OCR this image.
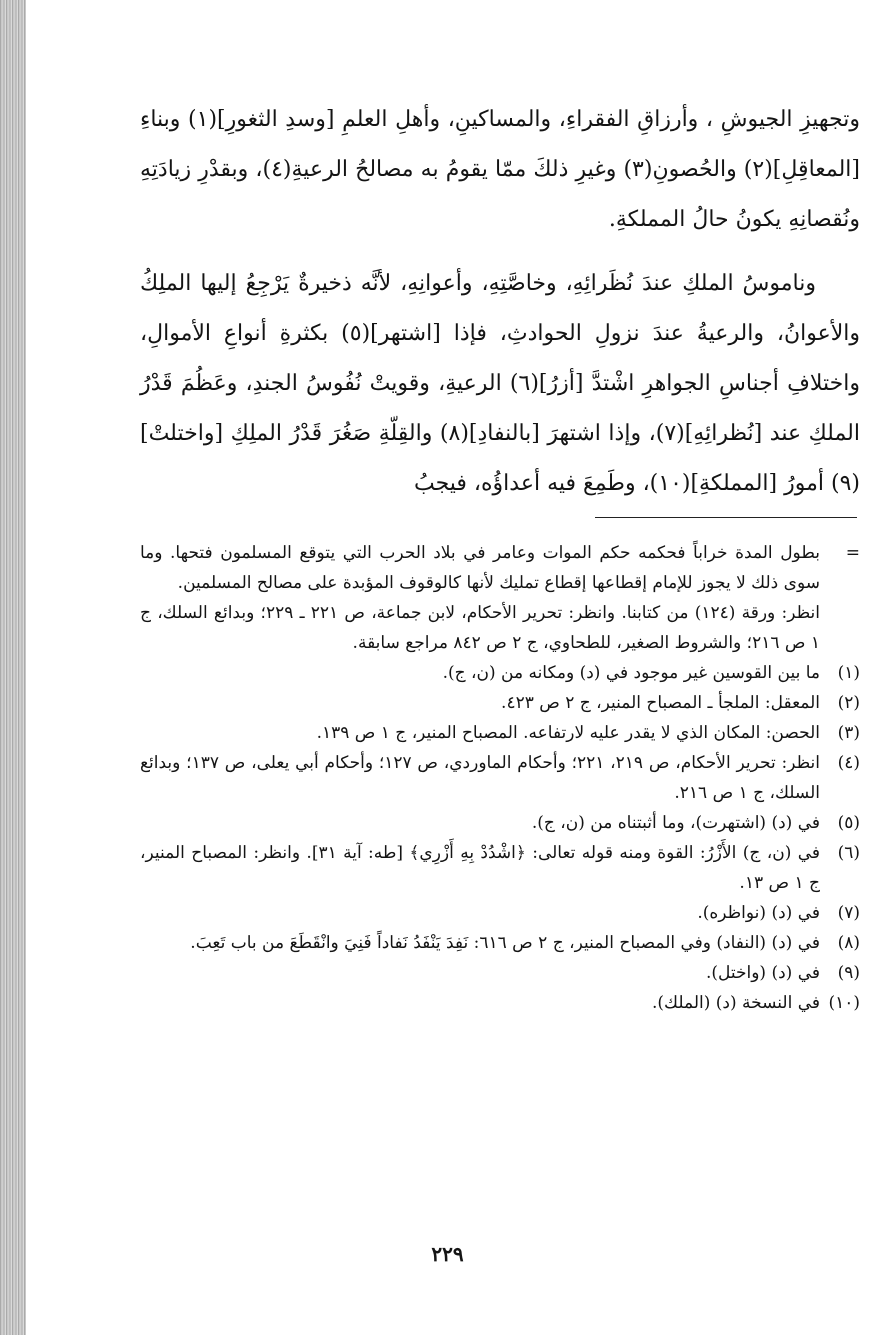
وتجهيزِ الجيوشِ ، وأرزاقِ الفقراءِ، والمساكينِ، وأهلِ العلمِ [وسدِ الثغورِ](١) وبناءِ [المعاقِلِ](٢) والحُصونِ(٣) وغيرِ ذلكَ ممّا يقومُ به مصالحُ الرعيةِ(٤)، وبقدْرِ زيادَتِهِ ونُقصانِهِ يكونُ حالُ المملكةِ.

وناموسُ الملكِ عندَ نُظَرائِهِ، وخاصَّتِهِ، وأعوانِهِ، لأنَّه ذخيرةٌ يَرْجِعُ إليها الملِكُ والأعوانُ، والرعيةُ عندَ نزولِ الحوادثِ، فإذا [اشتهر](٥) بكثرةِ أنواعِ الأموالِ، واختلافِ أجناسِ الجواهرِ اشْتدَّ [أزرُ](٦) الرعيةِ، وقويتْ نُفُوسُ الجندِ، وعَظُمَ قَدْرُ الملكِ عند [نُظرائِهِ](٧)، وإذا اشتهرَ [بالنفادِ](٨) والقِلّةِ صَغُرَ قَدْرُ الملِكِ [واختلتْ](٩) أمورُ [المملكةِ](١٠)، وطَمِعَ فيه أعداؤُه، فيجبُ

=
بطول المدة خراباً فحكمه حكم الموات وعامر في بلاد الحرب التي يتوقع المسلمون فتحها. وما سوى ذلك لا يجوز للإمام إقطاعها إقطاع تمليك لأنها كالوقوف المؤبدة على مصالح المسلمين.
انظر: ورقة (١٢٤) من كتابنا. وانظر: تحرير الأحكام، لابن جماعة، ص ٢٢١ ـ ٢٢٩؛ وبدائع السلك، ج ١ ص ٢١٦؛ والشروط الصغير، للطحاوي، ج ٢ ص ٨٤٢ مراجع سابقة.
(١)
ما بين القوسين غير موجود في (د) ومكانه من (ن، ج).
(٢)
المعقل: الملجأ ـ المصباح المنير، ج ٢ ص ٤٢٣.
(٣)
الحصن: المكان الذي لا يقدر عليه لارتفاعه. المصباح المنير، ج ١ ص ١٣٩.
(٤)
انظر: تحرير الأحكام، ص ٢١٩، ٢٢١؛ وأحكام الماوردي، ص ١٢٧؛ وأحكام أبي يعلى، ص ١٣٧؛ وبدائع السلك، ج ١ ص ٢١٦.
(٥)
في (د) (اشتهرت)، وما أثبتناه من (ن، ج).
(٦)
في (ن، ج) الأَزْرُ: القوة ومنه قوله تعالى: ﴿اشْدُدْ بِهِ أَزْرِي﴾ [طه: آية ٣١]. وانظر: المصباح المنير، ج ١ ص ١٣.
(٧)
في (د) (نواظره).
(٨)
في (د) (النفاد) وفي المصباح المنير، ج ٢ ص ٦١٦: نَفِدَ يَنْفَدُ نَفاداً فَنِيَ وانْقَطَعَ من باب تَعِبَ.
(٩)
في (د) (واختل).
(١٠)
في النسخة (د) (الملك).
٢٢٩
